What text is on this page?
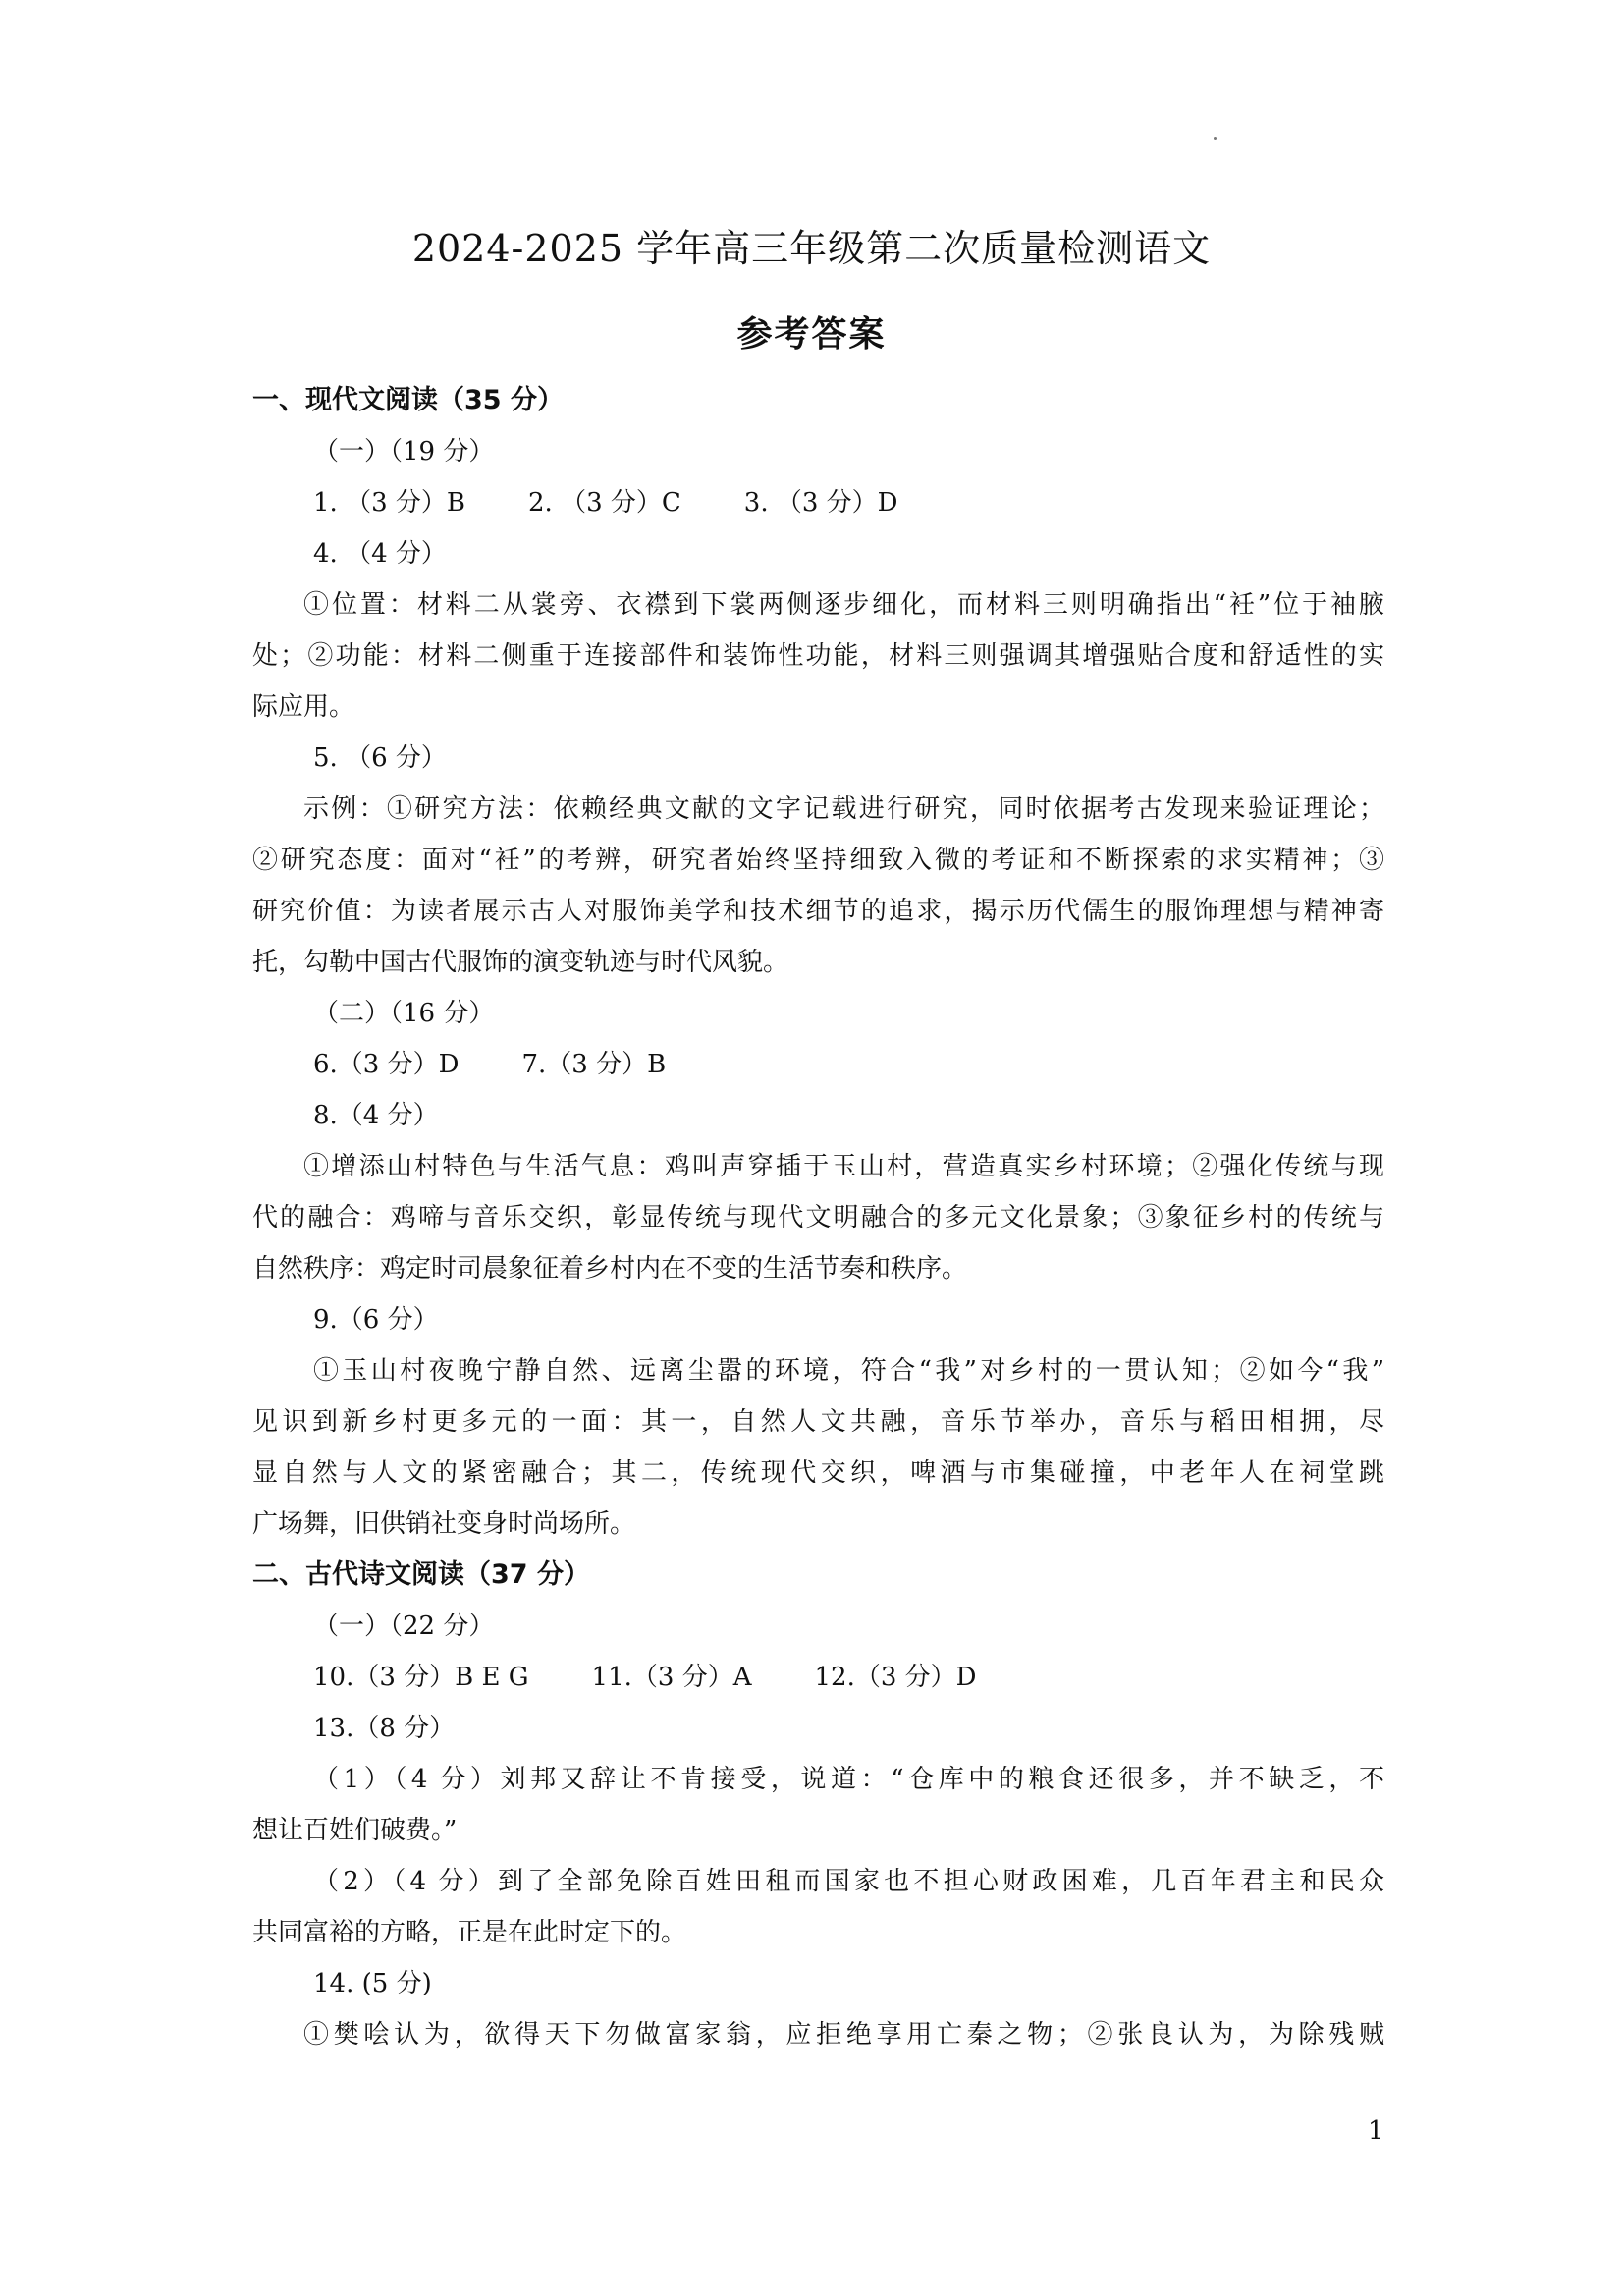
2024-2025 学年高三年级第二次质量检测语文
参考答案
一、现代文阅读（35 分）
（一）（19 分）
1. （3 分）B 2. （3 分）C 3. （3 分）D
4. （4 分）
①位置：材料二从裳旁、衣襟到下裳两侧逐步细化，而材料三则明确指出“衽”位于袖腋
处；②功能：材料二侧重于连接部件和装饰性功能，材料三则强调其增强贴合度和舒适性的实
际应用。
5. （6 分）
示例：①研究方法：依赖经典文献的文字记载进行研究，同时依据考古发现来验证理论；
②研究态度：面对“衽”的考辨，研究者始终坚持细致入微的考证和不断探索的求实精神；③
研究价值：为读者展示古人对服饰美学和技术细节的追求，揭示历代儒生的服饰理想与精神寄
托，勾勒中国古代服饰的演变轨迹与时代风貌。
（二）（16 分）
6.（3 分）D 7.（3 分）B
8.（4 分）
①增添山村特色与生活气息：鸡叫声穿插于玉山村，营造真实乡村环境；②强化传统与现
代的融合：鸡啼与音乐交织，彰显传统与现代文明融合的多元文化景象；③象征乡村的传统与
自然秩序：鸡定时司晨象征着乡村内在不变的生活节奏和秩序。
9.（6 分）
①玉山村夜晚宁静自然、远离尘嚣的环境，符合“我”对乡村的一贯认知；②如今“我”
见识到新乡村更多元的一面：其一，自然人文共融，音乐节举办，音乐与稻田相拥，尽
显自然与人文的紧密融合；其二，传统现代交织，啤酒与市集碰撞，中老年人在祠堂跳
广场舞，旧供销社变身时尚场所。
二、古代诗文阅读（37 分）
（一）（22 分）
10.（3 分）B E G 11.（3 分）A 12.（3 分）D
13.（8 分）
（1）（4 分）刘邦又辞让不肯接受，说道：“仓库中的粮食还很多，并不缺乏，不
想让百姓们破费。”
（2）（4 分）到了全部免除百姓田租而国家也不担心财政困难，几百年君主和民众
共同富裕的方略，正是在此时定下的。
14. (5 分)
①樊哙认为，欲得天下勿做富家翁，应拒绝享用亡秦之物；②张良认为，为除残贼
1
